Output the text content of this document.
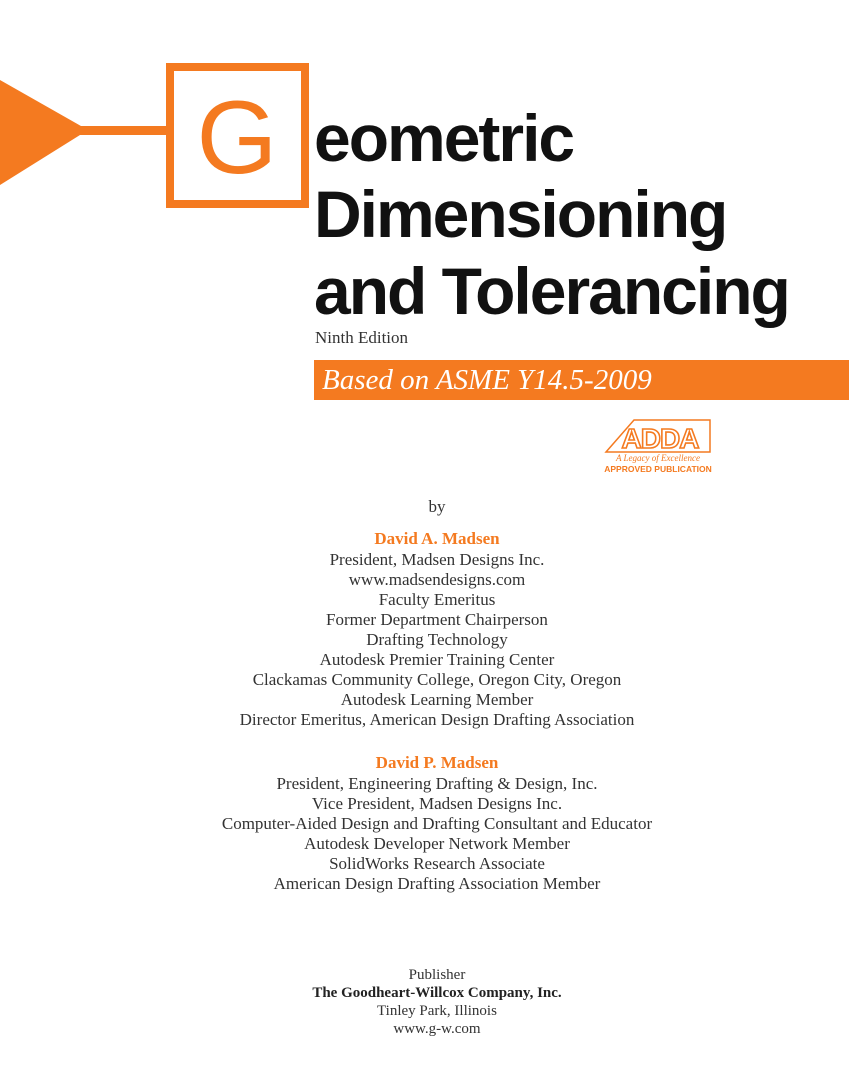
G eometric
Dimensioning
and Tolerancing
Ninth Edition
Based on ASME Y14.5-2009
ADDA
A Legacy of Excellence
APPROVED PUBLICATION
by
David A. Madsen
President, Madsen Designs Inc.
www.madsendesigns.com
Faculty Emeritus
Former Department Chairperson
Drafting Technology
Autodesk Premier Training Center
Clackamas Community College, Oregon City, Oregon
Autodesk Learning Member
Director Emeritus, American Design Drafting Association
David P. Madsen
President, Engineering Drafting & Design, Inc.
Vice President, Madsen Designs Inc.
Computer-Aided Design and Drafting Consultant and Educator
Autodesk Developer Network Member
SolidWorks Research Associate
American Design Drafting Association Member
Publisher
The Goodheart-Willcox Company, Inc.
Tinley Park, Illinois
www.g-w.com
